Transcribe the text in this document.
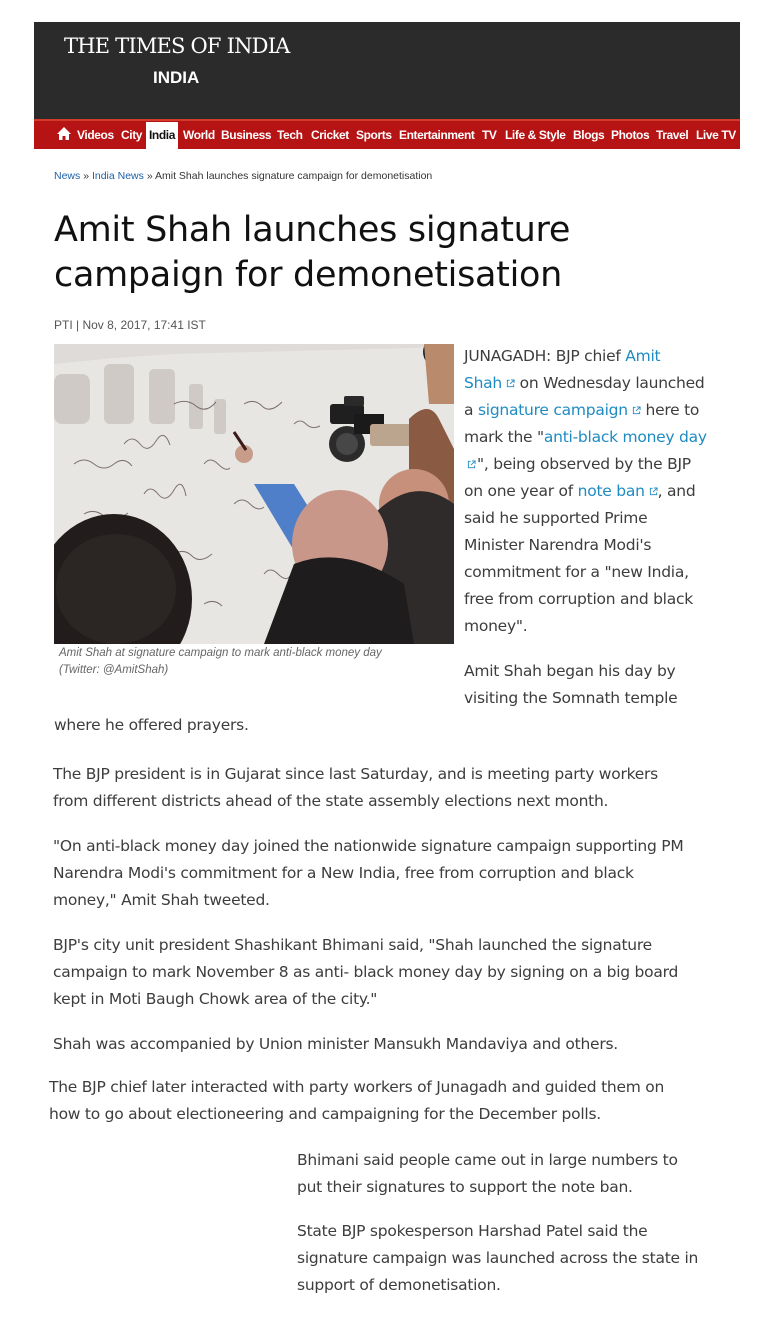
THE TIMES OF INDIA
INDIA
Videos City India World Business Tech Cricket Sports Entertainment TV Life & Style Blogs Photos Travel Live TV
News » India News » Amit Shah launches signature campaign for demonetisation
Amit Shah launches signature
campaign for demonetisation
PTI | Nov 8, 2017, 17:41 IST
Amit Shah at signature campaign to mark anti-black money day
(Twitter: @AmitShah)
JUNAGADH: BJP chief Amit
Shah on Wednesday launched
a signature campaign here to
mark the "anti-black money day
", being observed by the BJP
on one year of note ban , and
said he supported Prime
Minister Narendra Modi's
commitment for a "new India,
free from corruption and black
money".
Amit Shah began his day by
visiting the Somnath temple
where he offered prayers.
The BJP president is in Gujarat since last Saturday, and is meeting party workers
from different districts ahead of the state assembly elections next month.
"On anti-black money day joined the nationwide signature campaign supporting PM
Narendra Modi's commitment for a New India, free from corruption and black
money," Amit Shah tweeted.
BJP's city unit president Shashikant Bhimani said, "Shah launched the signature
campaign to mark November 8 as anti- black money day by signing on a big board
kept in Moti Baugh Chowk area of the city."
Shah was accompanied by Union minister Mansukh Mandaviya and others.
The BJP chief later interacted with party workers of Junagadh and guided them on
how to go about electioneering and campaigning for the December polls.
Bhimani said people came out in large numbers to
put their signatures to support the note ban.
State BJP spokesperson Harshad Patel said the
signature campaign was launched across the state in
support of demonetisation.
